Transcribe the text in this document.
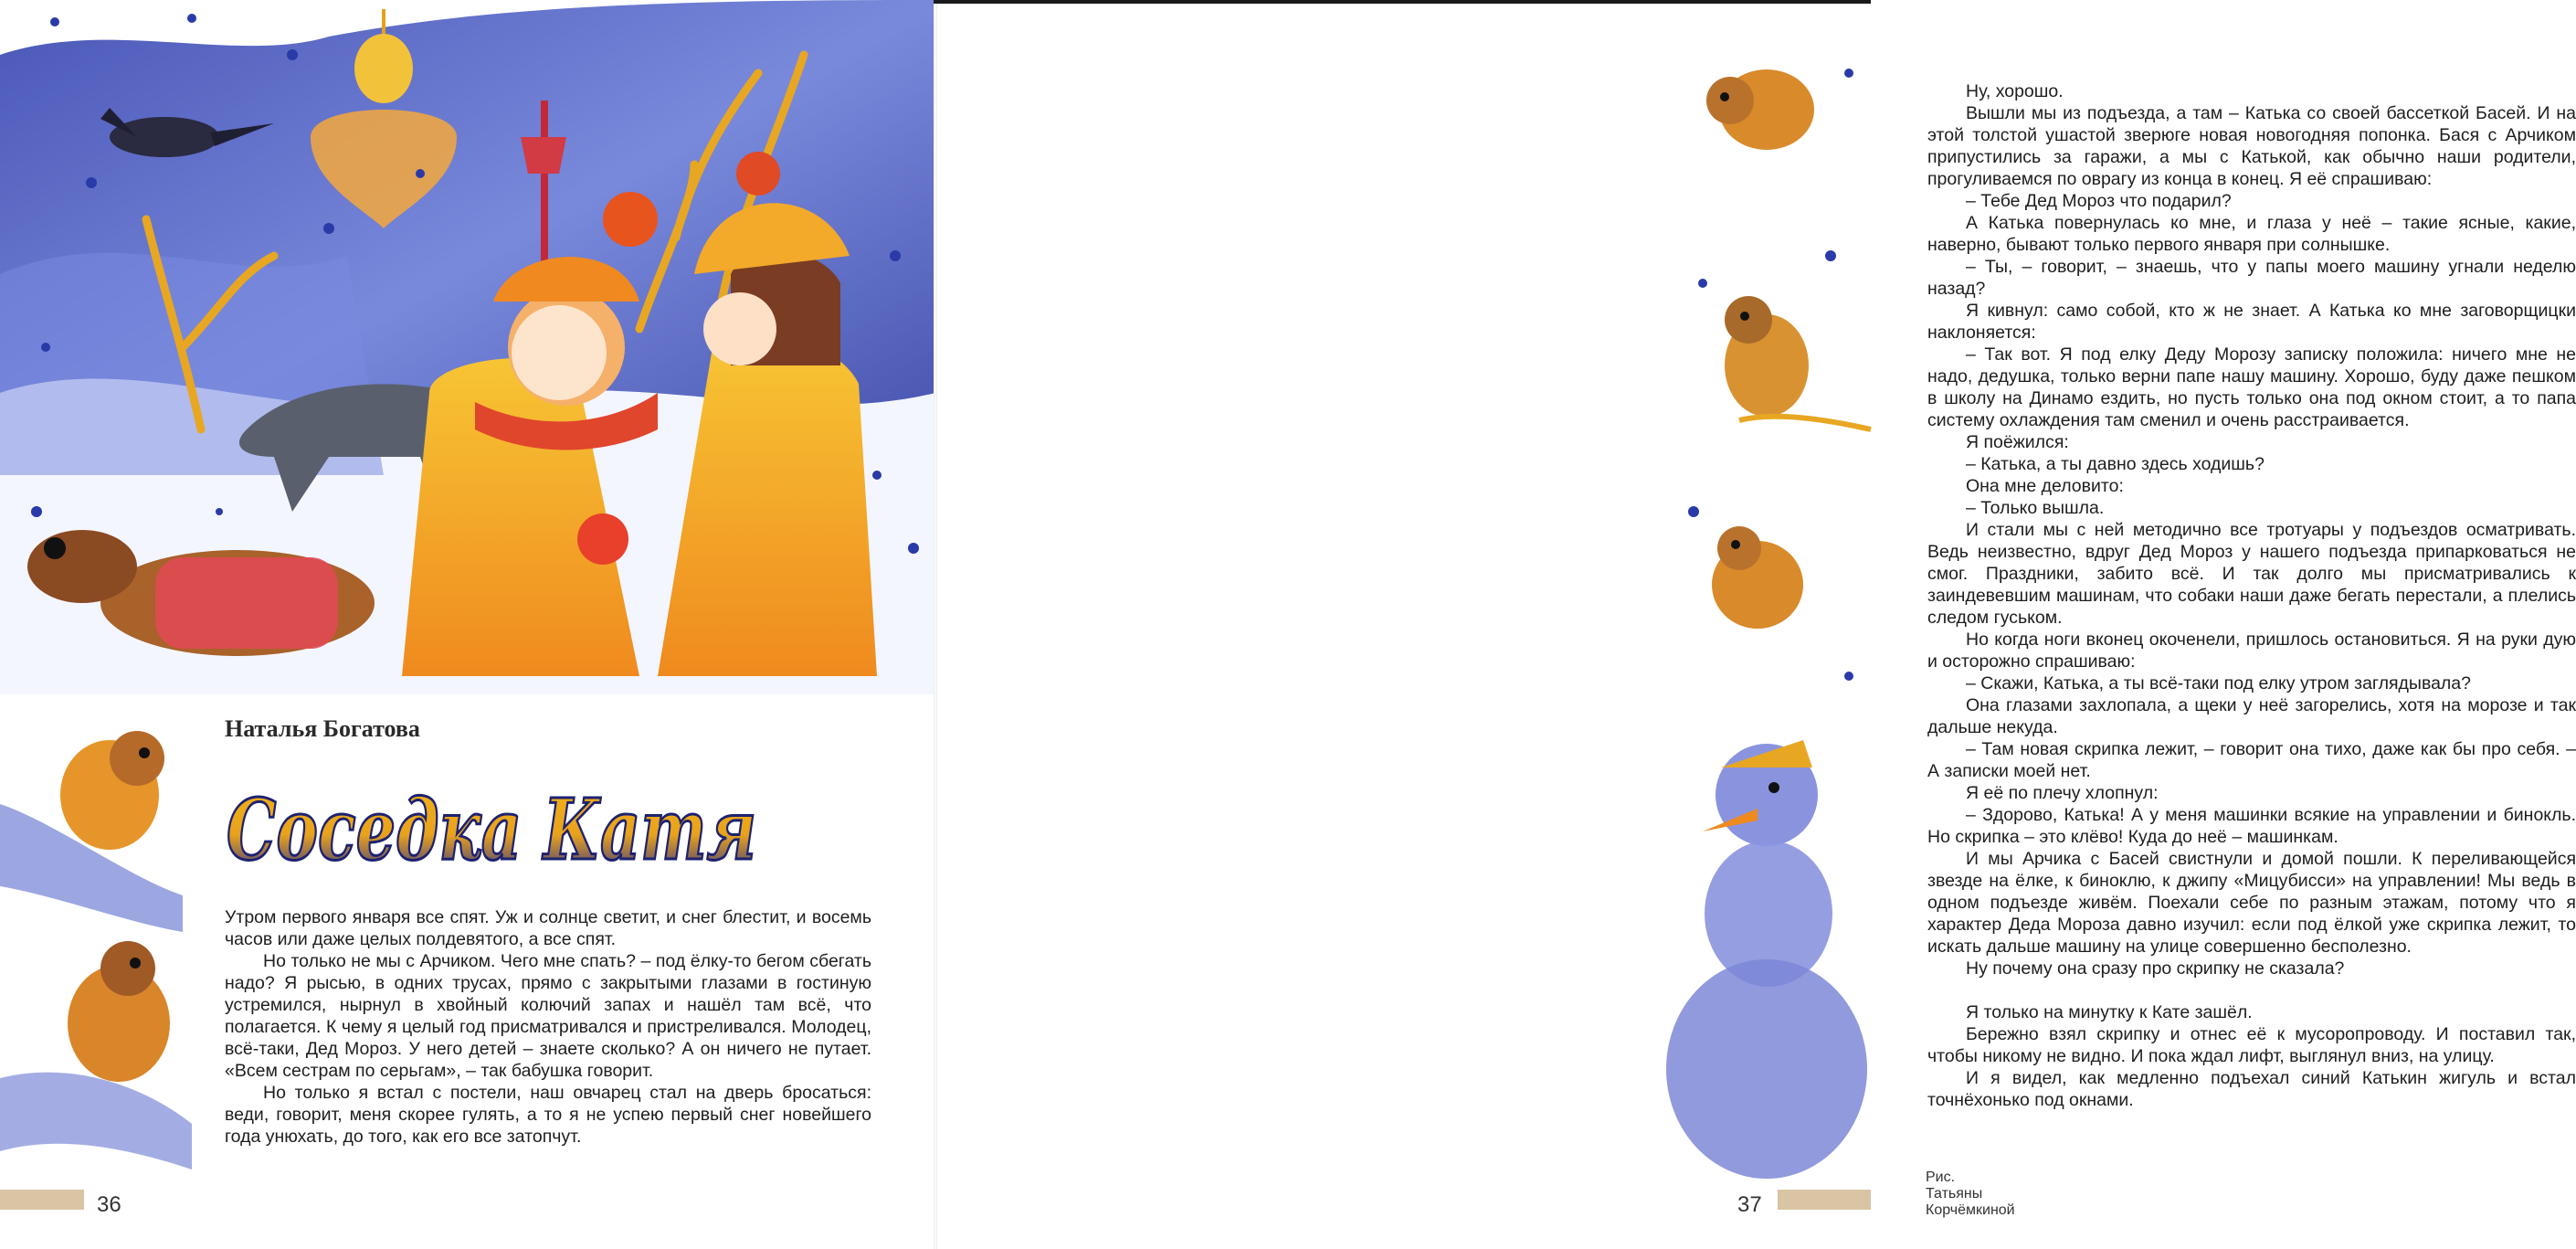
Наталья Богатова
Соседка Катя

Утром первого января все спят. Уж и солнце светит, и снег блестит, и восемь часов или даже целых полдевятого, а все спят.

Но только не мы с Арчиком. Чего мне спать? – под ёлку-то бегом сбегать надо? Я рысью, в одних трусах, прямо с закрытыми глазами в гостиную устремился, нырнул в хвойный колючий запах и нашёл там всё, что полагается. К чему я целый год присматривался и пристреливался. Молодец, всё-таки, Дед Мороз. У него детей – знаете сколько? А он ничего не путает. «Всем сестрам по серьгам», – так бабушка говорит.

Но только я встал с постели, наш овчарец стал на дверь бросаться: веди, говорит, меня скорее гулять, а то я не успею первый снег новейшего года унюхать, до того, как его все затопчут.

36

Ну, хорошо.

Вышли мы из подъезда, а там – Катька со своей бассеткой Басей. И на этой толстой ушастой зверюге новая новогодняя попонка. Бася с Арчиком припустились за гаражи, а мы с Катькой, как обычно наши родители, прогуливаемся по оврагу из конца в конец. Я её спрашиваю:

– Тебе Дед Мороз что подарил?

А Катька повернулась ко мне, и глаза у неё – такие ясные, какие, наверно, бывают только первого января при солнышке.

– Ты, – говорит, – знаешь, что у папы моего машину угнали неделю назад?

Я кивнул: само собой, кто ж не знает. А Катька ко мне заговорщицки наклоняется:

– Так вот. Я под елку Деду Морозу записку положила: ничего мне не надо, дедушка, только верни папе нашу машину. Хорошо, буду даже пешком в школу на Динамо ездить, но пусть только она под окном стоит, а то папа систему охлаждения там сменил и очень расстраивается.

Я поёжился:

– Катька, а ты давно здесь ходишь?

Она мне деловито:

– Только вышла.

И стали мы с ней методично все тротуары у подъездов осматривать. Ведь неизвестно, вдруг Дед Мороз у нашего подъезда припарковаться не смог. Праздники, забито всё. И так долго мы присматривались к заиндевевшим машинам, что собаки наши даже бегать перестали, а плелись следом гуськом.

Но когда ноги вконец окоченели, пришлось остановиться. Я на руки дую и осторожно спрашиваю:

– Скажи, Катька, а ты всё-таки под елку утром заглядывала?

Она глазами захлопала, а щеки у неё загорелись, хотя на морозе и так дальше некуда.

– Там новая скрипка лежит, – говорит она тихо, даже как бы про себя. – А записки моей нет.

Я её по плечу хлопнул:

– Здорово, Катька! А у меня машинки всякие на управлении и бинокль. Но скрипка – это клёво! Куда до неё – машинкам.

И мы Арчика с Басей свистнули и домой пошли. К переливающейся звезде на ёлке, к биноклю, к джипу «Мицубисси» на управлении! Мы ведь в одном подъезде живём. Поехали себе по разным этажам, потому что я характер Деда Мороза давно изучил: если под ёлкой уже скрипка лежит, то искать дальше машину на улице совершенно бесполезно.

Ну почему она сразу про скрипку не сказала?

Я только на минутку к Кате зашёл.

Бережно взял скрипку и отнес её к мусоропроводу. И поставил так, чтобы никому не видно. И пока ждал лифт, выглянул вниз, на улицу.

И я видел, как медленно подъехал синий Катькин жигуль и встал точнёхонько под окнами.

Рис. Татьяны Корчёмкиной

37
